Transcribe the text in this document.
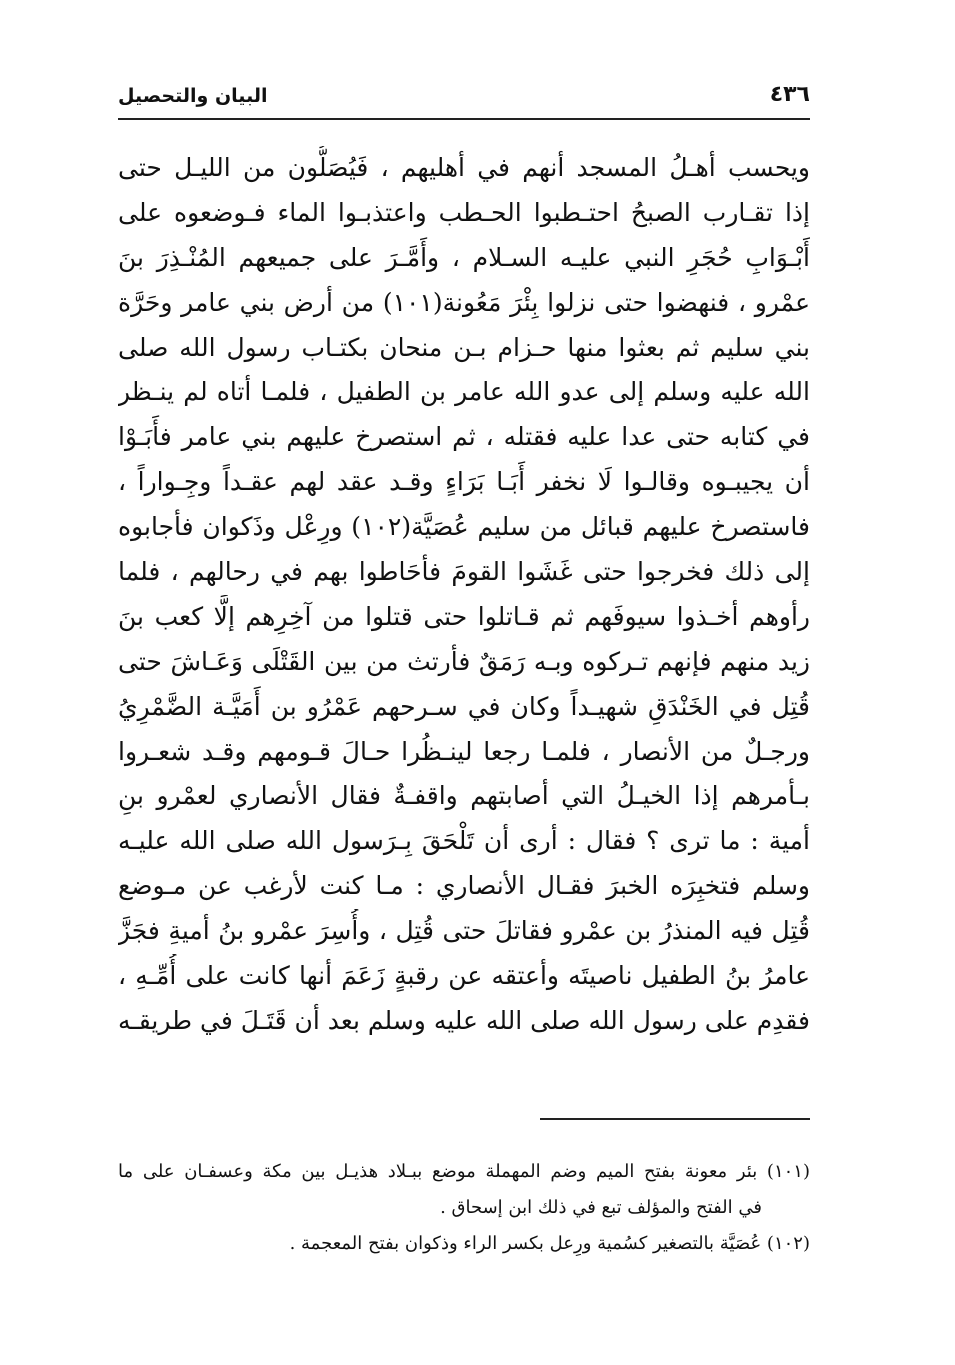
٤٣٦
البيان والتحصيل
ويحسب أهـلُ المسجد أنهم في أهليهم ، فَيُصَلُّون من الليـل حتى
إذا تقـارب الصبحُ احتـطبوا الحـطب واعتذبـوا الماء فـوضعوه على
أَبْـوَابِ حُجَرِ النبي عليـه السـلام ، وأَمَّـرَ على جميعهم المُنْـذِرَ بنَ
عمْرو ، فنهضوا حتى نزلوا بِئْرَ مَعُونة(١٠١) من أرض بني عامر وحَرَّة
بني سليم ثم بعثوا منها حـزام بـن منحان بكتـاب رسول الله صلى
الله عليه وسلم إلى عدو الله عامر بن الطفيل ، فلمـا أتاه لم ينـظر
في كتابه حتى عدا عليه فقتله ، ثم استصرخ عليهم بني عامر فأَبَـوْا
أن يجيبـوه وقالـوا لَا نخفر أَبَـا بَرَاءٍ وقـد عقد لهم عقـداً وجِـواراً ،
فاستصرخ عليهم قبائل من سليم عُصَيَّة(١٠٢) ورِعْل وذَكوان فأجابوه
إلى ذلك فخرجوا حتى غَشَوا القومَ فأحَاطوا بهم في رحالهم ، فلما
رأوهم أخـذوا سيوفَهم ثم قـاتلوا حتى قتلوا من آخِرِهم إلَّا كعب بنَ
زيد منهم فإنهم تـركوه وبـه رَمَقٌ فأرتث من بين القَتْلَى وَعَـاشَ حتى
قُتِل في الخَنْدَقِ شهيـداً وكان في سـرحهم عَمْرُو بن أَمَيَّـة الضَّمْرِيُ
ورجـلٌ من الأنصار ، فلمـا رجعا لينـظُرا حـالَ قـومهم وقـد شعـروا
بـأمرهم إذا الخيـلُ التي أصابتهم واقفـةٌ فقال الأنصاري لعمْرو بنِ
أمية : ما ترى ؟ فقال : أرى أن تَلْحَقَ بِـرَسول الله صلى الله عليـه
وسلم فتخبِرَه الخبرَ فقـال الأنصاري : مـا كنت لأرغب عن مـوضع
قُتِل فيه المنذرُ بن عمْرو فقاتلَ حتى قُتِل ، وأُسِرَ عمْرو بنُ أميةِ فجَزَّ
عامرُ بنُ الطفيل ناصيتَه وأعتقه عن رقبةٍ زَعَمَ أنها كانت على أُمِّـهِ ،
فقدِم على رسول الله صلى الله عليه وسلم بعد أن قَتَـلَ في طريقـه
(١٠١) بئر معونة بفتح الميم وضم المهملة موضع ببـلاد هذيـل بين مكة وعسفـان على ما
في الفتح والمؤلف تبع في ذلك ابن إسحاق .
(١٠٢) عُصَيَّة بالتصغير كسُمية ورِعل بكسر الراء وذكوان بفتح المعجمة .
